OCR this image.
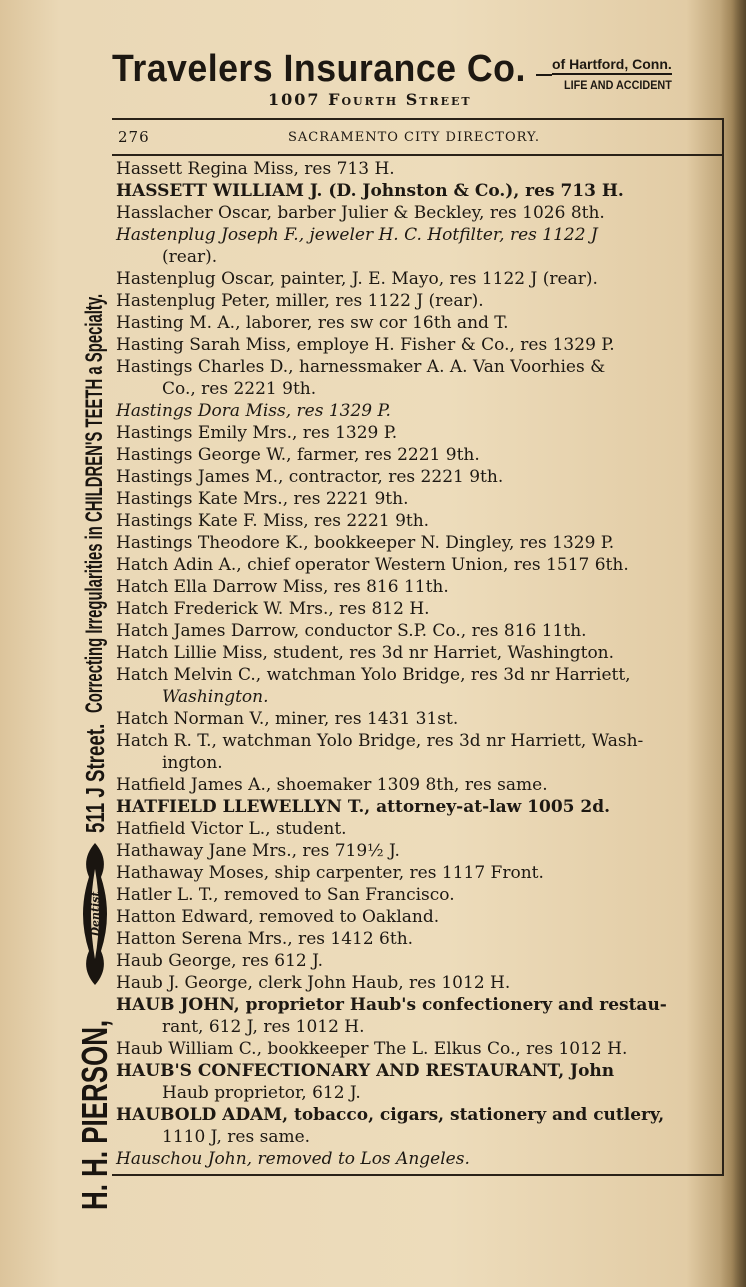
H. H. PIERSON,
Dentist
511 J Street.
Correcting Irregularities in CHILDREN'S TEETH a Specialty.
Travelers Insurance Co. of Hartford, Conn.
LIFE AND ACCIDENT
1007 Fourth Street
276	SACRAMENTO CITY DIRECTORY.
Hassett Regina Miss, res 713 H.
HASSETT WILLIAM J. (D. Johnston & Co.), res 713 H.
Hasslacher Oscar, barber Julier & Beckley, res 1026 8th.
Hastenplug Joseph F., jeweler H. C. Hotfilter, res 1122 J
(rear).
Hastenplug Oscar, painter, J. E. Mayo, res 1122 J (rear).
Hastenplug Peter, miller, res 1122 J (rear).
Hasting M. A., laborer, res sw cor 16th and T.
Hasting Sarah Miss, employe H. Fisher & Co., res 1329 P.
Hastings Charles D., harnessmaker A. A. Van Voorhies &
Co., res 2221 9th.
Hastings Dora Miss, res 1329 P.
Hastings Emily Mrs., res 1329 P.
Hastings George W., farmer, res 2221 9th.
Hastings James M., contractor, res 2221 9th.
Hastings Kate Mrs., res 2221 9th.
Hastings Kate F. Miss, res 2221 9th.
Hastings Theodore K., bookkeeper N. Dingley, res 1329 P.
Hatch Adin A., chief operator Western Union, res 1517 6th.
Hatch Ella Darrow Miss, res 816 11th.
Hatch Frederick W. Mrs., res 812 H.
Hatch James Darrow, conductor S.P. Co., res 816 11th.
Hatch Lillie Miss, student, res 3d nr Harriet, Washington.
Hatch Melvin C., watchman Yolo Bridge, res 3d nr Harriett,
Washington.
Hatch Norman V., miner, res 1431 31st.
Hatch R. T., watchman Yolo Bridge, res 3d nr Harriett, Wash-
ington.
Hatfield James A., shoemaker 1309 8th, res same.
HATFIELD LLEWELLYN T., attorney-at-law 1005 2d.
Hatfield Victor L., student.
Hathaway Jane Mrs., res 719½ J.
Hathaway Moses, ship carpenter, res 1117 Front.
Hatler L. T., removed to San Francisco.
Hatton Edward, removed to Oakland.
Hatton Serena Mrs., res 1412 6th.
Haub George, res 612 J.
Haub J. George, clerk John Haub, res 1012 H.
HAUB JOHN, proprietor Haub's confectionery and restau-
rant, 612 J, res 1012 H.
Haub William C., bookkeeper The L. Elkus Co., res 1012 H.
HAUB'S CONFECTIONARY AND RESTAURANT, John
Haub proprietor, 612 J.
HAUBOLD ADAM, tobacco, cigars, stationery and cutlery,
1110 J, res same.
Hauschou John, removed to Los Angeles.
